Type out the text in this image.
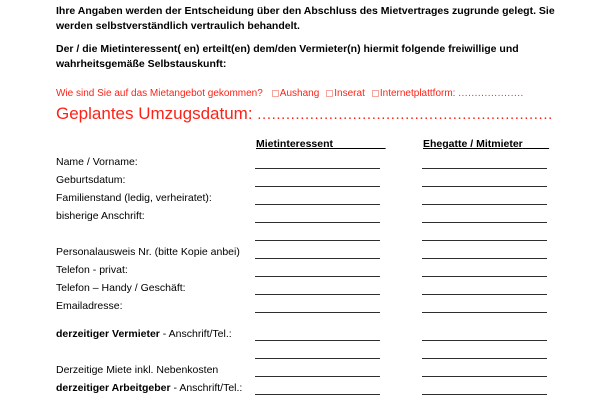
Ihre Angaben werden der Entscheidung über den Abschluss des Mietvertrages zugrunde gelegt. Sie
werden selbstverständlich vertraulich behandelt.
Der / die Mietinteressent( en) erteilt(en) dem/den Vermieter(n) hiermit folgende freiwillige und
wahrheitsgemäße Selbstauskunft:
Wie sind Sie auf das Mietangebot gekommen? Aushang Inserat Internetplattform: ....................
Geplantes Umzugsdatum: ..............................................................
Mietinteressent_________	Ehegatte / Mitmieter___ _
Name / Vorname:
Geburtsdatum:
Familienstand (ledig, verheiratet):
bisherige Anschrift:
Personalausweis Nr. (bitte Kopie anbei)
Telefon - privat:
Telefon – Handy / Geschäft:
Emailadresse:
derzeitiger Vermieter - Anschrift/Tel.:
Derzeitige Miete inkl. Nebenkosten
derzeitiger Arbeitgeber - Anschrift/Tel.:
